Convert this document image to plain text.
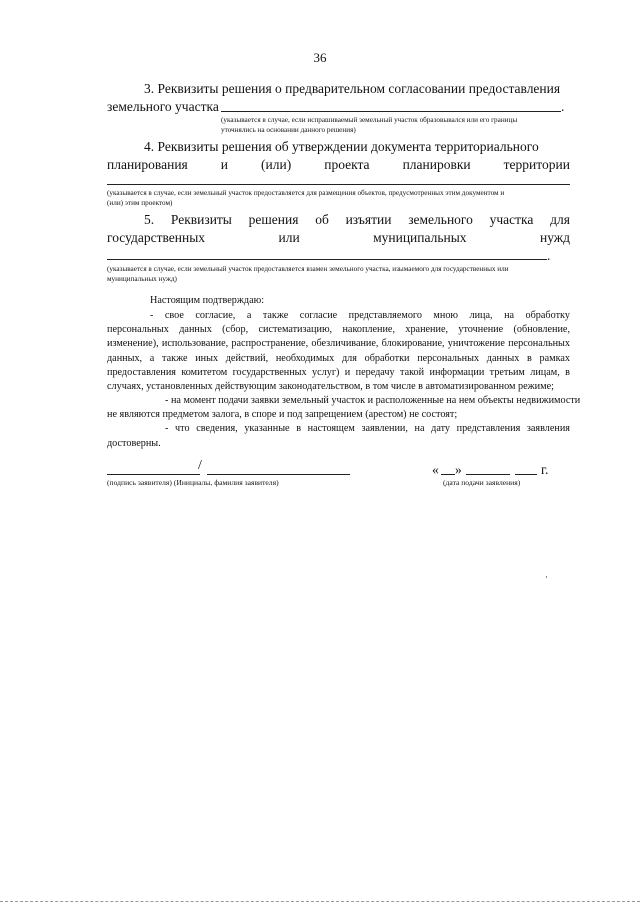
36
3. Реквизиты решения о предварительном согласовании предоставления
земельного участка	.
(указывается в случае, если испрашиваемый земельный участок образовывался или его границы
уточнялись на основании данного решения)
4. Реквизиты решения об утверждении документа территориального
планирования и (или) проекта планировки территории
(указывается в случае, если земельный участок предоставляется для размещения объектов, предусмотренных этим документом и
(или) этим проектом)
5. Реквизиты решения об изъятии земельного участка для
государственных	или	муниципальных	нужд
.
(указывается в случае, если земельный участок предоставляется взамен земельного участка, изымаемого для государственных или
муниципальных нужд)
Настоящим подтверждаю:
- свое согласие, а также согласие представляемого мною лица, на обработку
персональных данных (сбор, систематизацию, накопление, хранение, уточнение (обновление,
изменение), использование, распространение, обезличивание, блокирование, уничтожение персональных
данных, а также иных действий, необходимых для обработки персональных данных в рамках
предоставления комитетом государственных услуг) и передачу такой информации третьим лицам, в
случаях, установленных действующим законодательством, в том числе в автоматизированном режиме;
- на момент подачи заявки земельный участок и расположенные на нем объекты недвижимости
не являются предметом залога, в споре и под запрещением (арестом) не состоят;
- что сведения, указанные в настоящем заявлении, на дату представления заявления
достоверны.
/
(подпись заявителя) (Инициалы, фамилия заявителя)
« »	г.
(дата подачи заявления)
